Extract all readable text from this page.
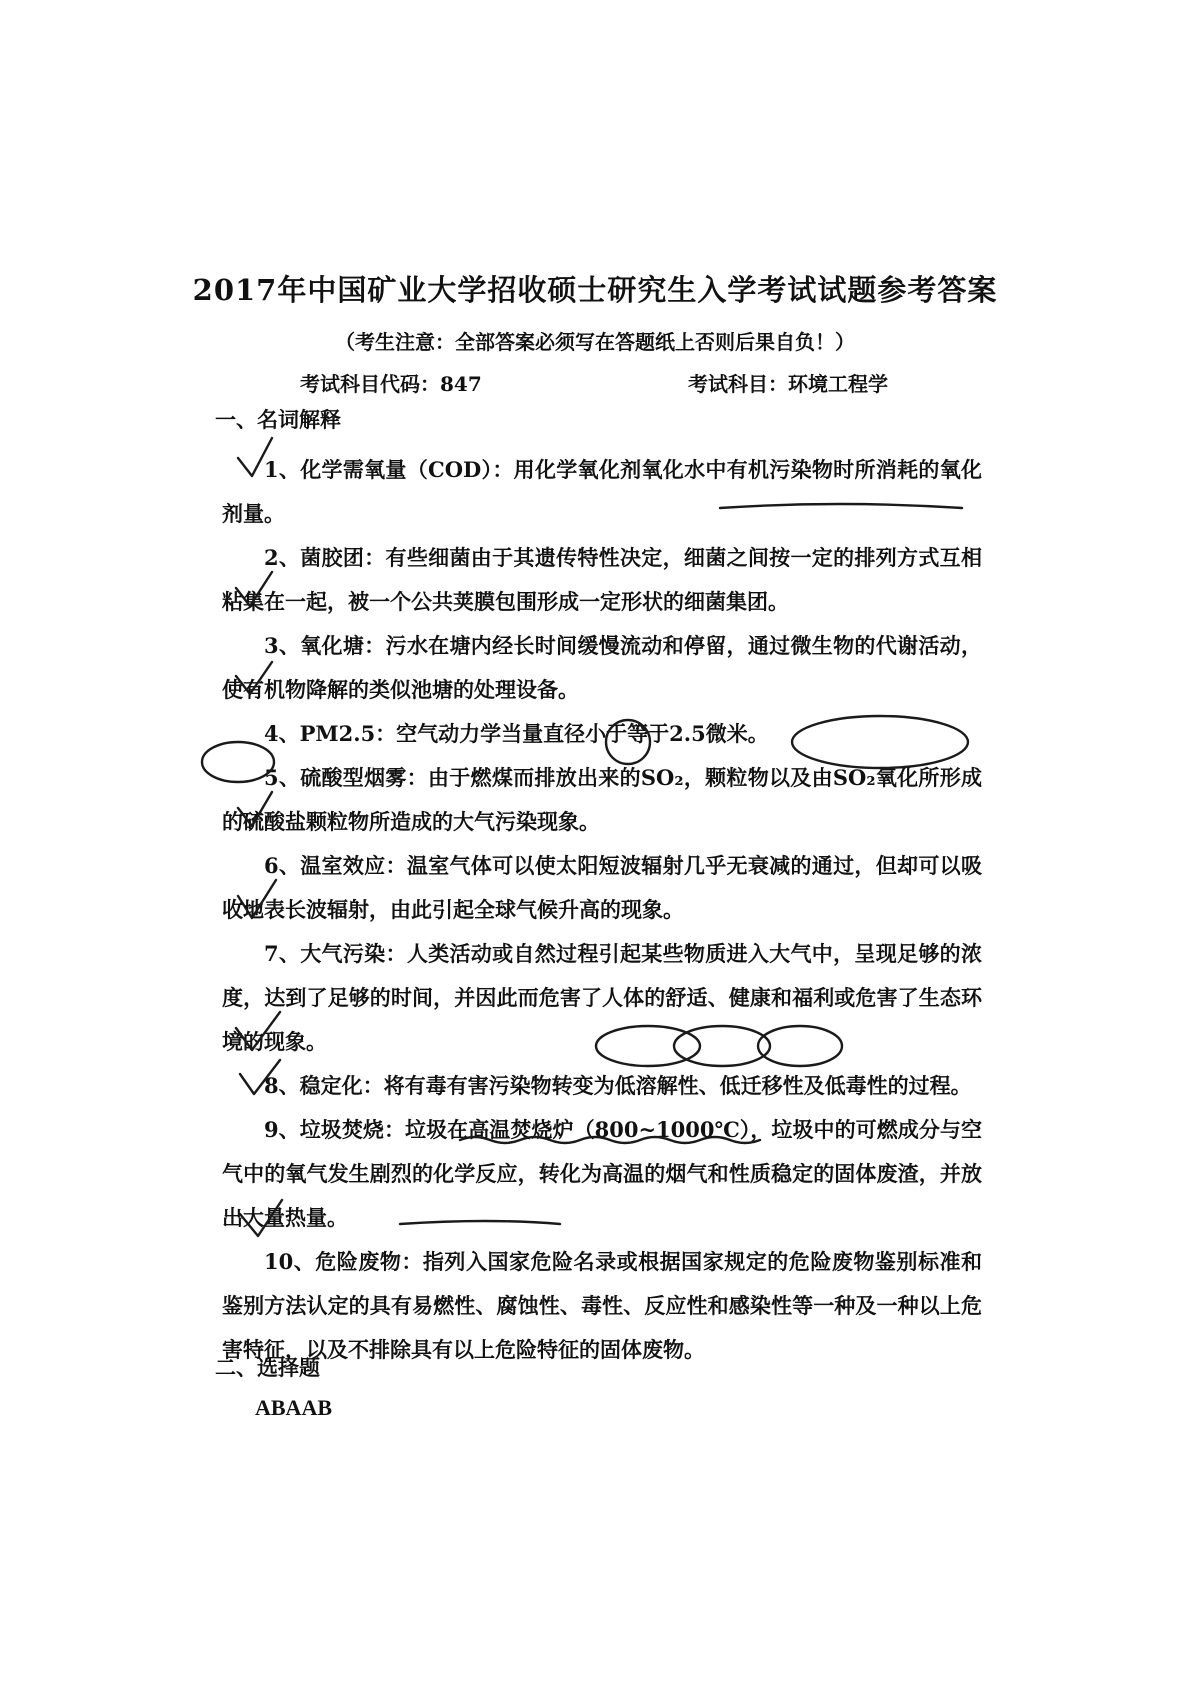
2017年中国矿业大学招收硕士研究生入学考试试题参考答案
（考生注意：全部答案必须写在答题纸上否则后果自负！）
考试科目代码：847	考试科目：环境工程学
一、名词解释

1、化学需氧量（COD）：用化学氧化剂氧化水中有机污染物时所消耗的氧化剂量。

2、菌胶团：有些细菌由于其遗传特性决定，细菌之间按一定的排列方式互相粘集在一起，被一个公共荚膜包围形成一定形状的细菌集团。

3、氧化塘：污水在塘内经长时间缓慢流动和停留，通过微生物的代谢活动，使有机物降解的类似池塘的处理设备。

4、PM2.5：空气动力学当量直径小于等于2.5微米。

5、硫酸型烟雾：由于燃煤而排放出来的SO₂，颗粒物以及由SO₂氧化所形成的硫酸盐颗粒物所造成的大气污染现象。

6、温室效应：温室气体可以使太阳短波辐射几乎无衰减的通过，但却可以吸收地表长波辐射，由此引起全球气候升高的现象。

7、大气污染：人类活动或自然过程引起某些物质进入大气中，呈现足够的浓度，达到了足够的时间，并因此而危害了人体的舒适、健康和福利或危害了生态环境的现象。

8、稳定化：将有毒有害污染物转变为低溶解性、低迁移性及低毒性的过程。

9、垃圾焚烧：垃圾在高温焚烧炉（800~1000℃），垃圾中的可燃成分与空气中的氧气发生剧烈的化学反应，转化为高温的烟气和性质稳定的固体废渣，并放出大量热量。

10、危险废物：指列入国家危险名录或根据国家规定的危险废物鉴别标准和鉴别方法认定的具有易燃性、腐蚀性、毒性、反应性和感染性等一种及一种以上危害特征，以及不排除具有以上危险特征的固体废物。

二、选择题
ABAAB
